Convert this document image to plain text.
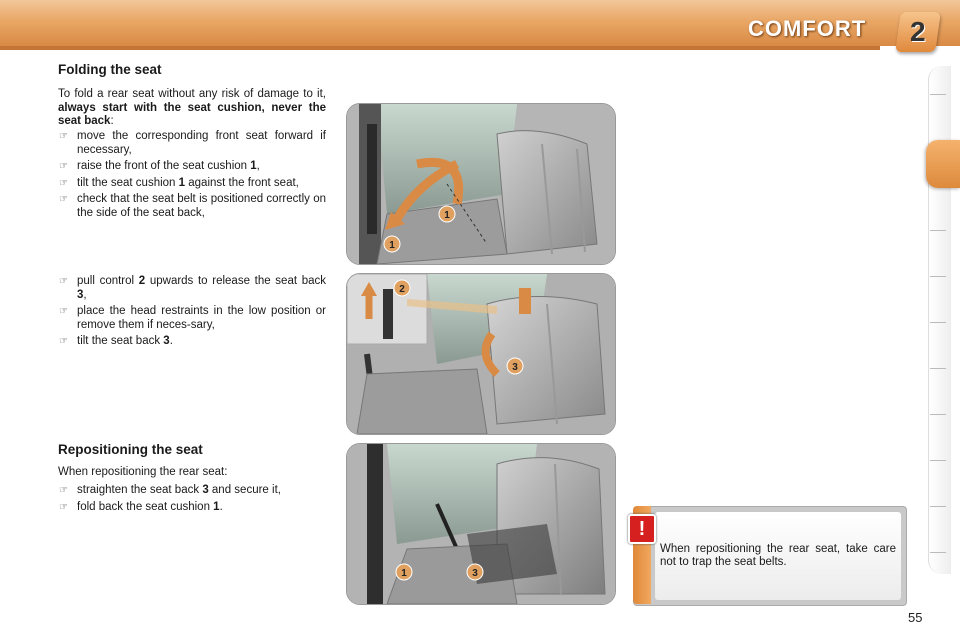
COMFORT 2
Folding the seat

To fold a rear seat without any risk of damage to it, always start with the seat cushion, never the seat back:

☞ move the corresponding front seat forward if necessary,
☞ raise the front of the seat cushion 1,
☞ tilt the seat cushion 1 against the front seat,
☞ check that the seat belt is positioned correctly on the side of the seat back,
☞ pull control 2 upwards to release the seat back 3,
☞ place the head restraints in the low position or remove them if neces-sary,
☞ tilt the seat back 3.
Repositioning the seat

When repositioning the rear seat:

☞ straighten the seat back 3 and secure it,
☞ fold back the seat cushion 1.
1
1
2
3
1	3
!

When repositioning the rear seat, take care not to trap the seat belts.

55
